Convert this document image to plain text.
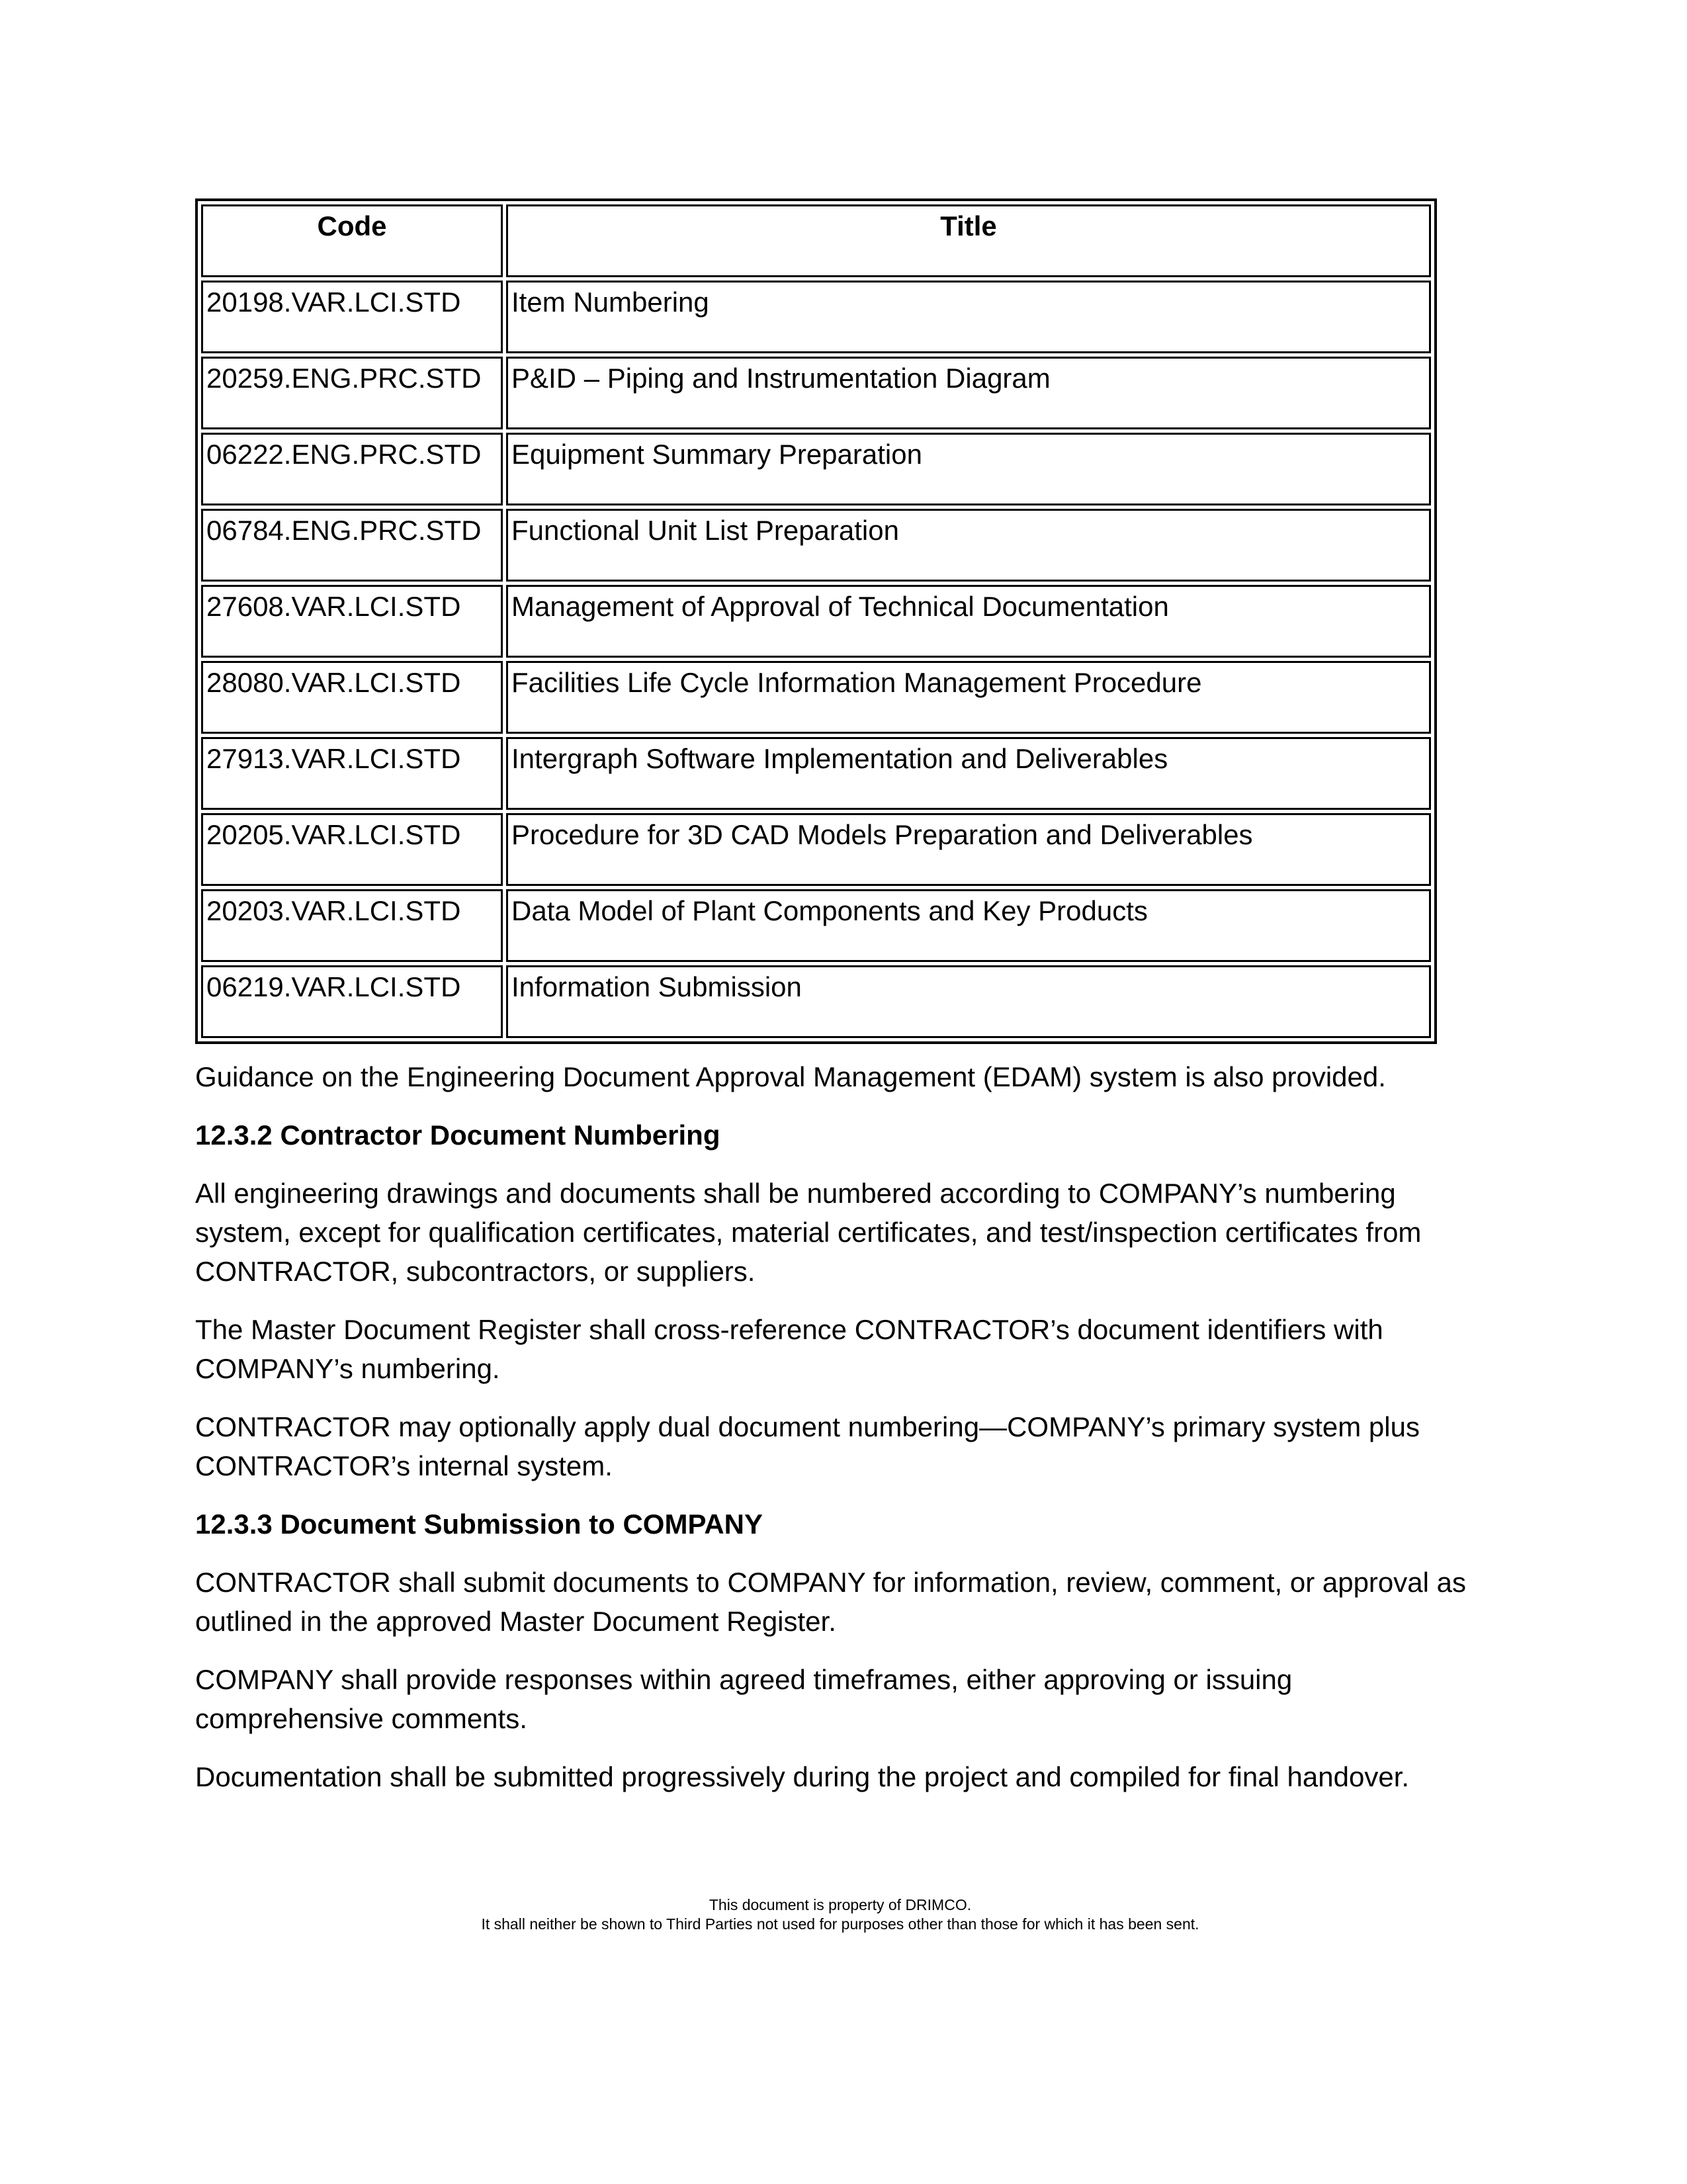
Code	Title
20198.VAR.LCI.STD	Item Numbering
20259.ENG.PRC.STD	P&ID – Piping and Instrumentation Diagram
06222.ENG.PRC.STD	Equipment Summary Preparation
06784.ENG.PRC.STD	Functional Unit List Preparation
27608.VAR.LCI.STD	Management of Approval of Technical Documentation
28080.VAR.LCI.STD	Facilities Life Cycle Information Management Procedure
27913.VAR.LCI.STD	Intergraph Software Implementation and Deliverables
20205.VAR.LCI.STD	Procedure for 3D CAD Models Preparation and Deliverables
20203.VAR.LCI.STD	Data Model of Plant Components and Key Products
06219.VAR.LCI.STD	Information Submission

Guidance on the Engineering Document Approval Management (EDAM) system is also provided.

12.3.2 Contractor Document Numbering

All engineering drawings and documents shall be numbered according to COMPANY’s numbering system, except for qualification certificates, material certificates, and test/inspection certificates from CONTRACTOR, subcontractors, or suppliers.

The Master Document Register shall cross-reference CONTRACTOR’s document identifiers with COMPANY’s numbering.

CONTRACTOR may optionally apply dual document numbering—COMPANY’s primary system plus CONTRACTOR’s internal system.

12.3.3 Document Submission to COMPANY

CONTRACTOR shall submit documents to COMPANY for information, review, comment, or approval as outlined in the approved Master Document Register.

COMPANY shall provide responses within agreed timeframes, either approving or issuing comprehensive comments.

Documentation shall be submitted progressively during the project and compiled for final handover.

This document is property of DRIMCO.
It shall neither be shown to Third Parties not used for purposes other than those for which it has been sent.
